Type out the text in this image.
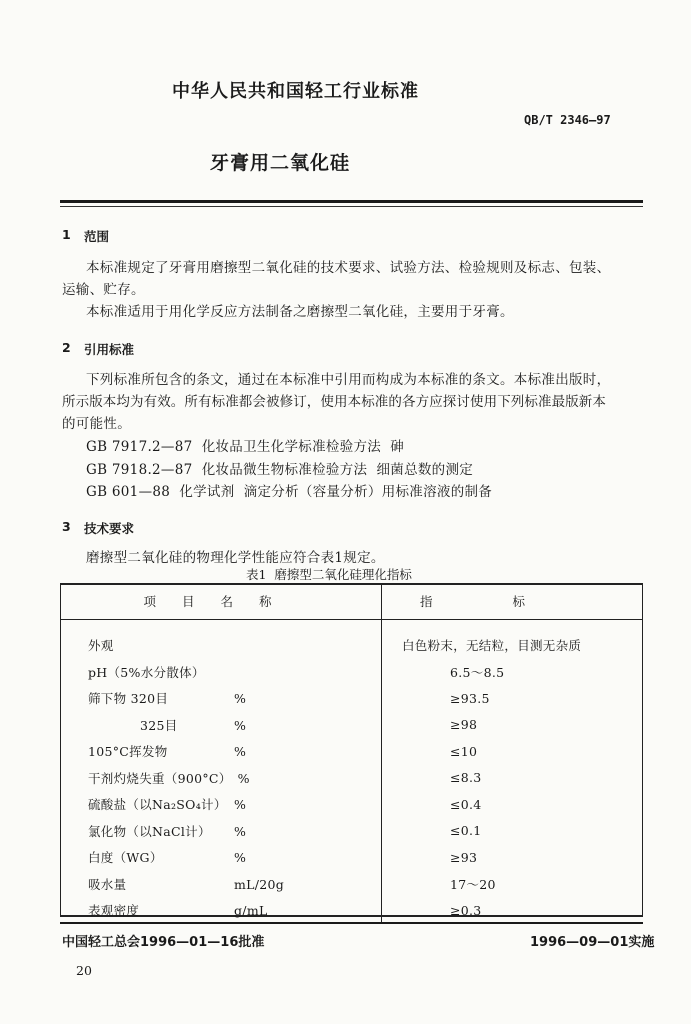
中华人民共和国轻工行业标准
QB/T 2346—97
牙膏用二氧化硅
1 范围
本标准规定了牙膏用磨擦型二氧化硅的技术要求、试验方法、检验规则及标志、包装、
运输、贮存。
本标准适用于用化学反应方法制备之磨擦型二氧化硅，主要用于牙膏。
2 引用标准
下列标准所包含的条文，通过在本标准中引用而构成为本标准的条文。本标准出版时，
所示版本均为有效。所有标准都会被修订，使用本标准的各方应探讨使用下列标准最版新本
的可能性。
GB 7917.2—87  化妆品卫生化学标准检验方法  砷
GB 7918.2—87  化妆品微生物标准检验方法  细菌总数的测定
GB 601—88  化学试剂  滴定分析（容量分析）用标准溶液的制备
3 技术要求
磨擦型二氧化硅的物理化学性能应符合表1规定。
表1  磨擦型二氧化硅理化指标
项目名称	指标
外观	白色粉末，无结粒，目测无杂质
pH（5%水分散体）	6.5～8.5
筛下物 320目 %	≥93.5
325目 %	≥98
105°C挥发物 %	≤10
干剂灼烧失重（900°C） %	≤8.3
硫酸盐（以Na₂SO₄计） %	≤0.4
氯化物（以NaCl计） %	≤0.1
白度（WG） %	≥93
吸水量 mL/20g	17～20
表观密度 g/mL	≥0.3
中国轻工总会1996—01—16批准	1996—09—01实施
20
